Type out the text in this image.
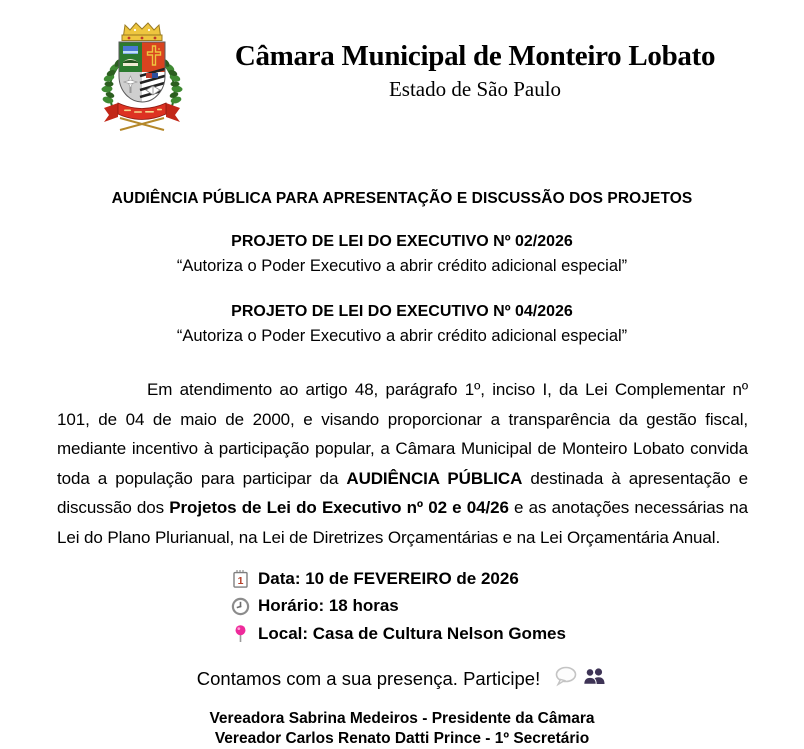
Câmara Municipal de Monteiro Lobato
Estado de São Paulo
AUDIÊNCIA PÚBLICA PARA APRESENTAÇÃO E DISCUSSÃO DOS PROJETOS
PROJETO DE LEI DO EXECUTIVO Nº 02/2026
“Autoriza o Poder Executivo a abrir crédito adicional especial”
PROJETO DE LEI DO EXECUTIVO Nº 04/2026
“Autoriza o Poder Executivo a abrir crédito adicional especial”

Em atendimento ao artigo 48, parágrafo 1º, inciso I, da Lei Complementar nº 101, de 04 de maio de 2000, e visando proporcionar a transparência da gestão fiscal, mediante incentivo à participação popular, a Câmara Municipal de Monteiro Lobato convida toda a população para participar da AUDIÊNCIA PÚBLICA destinada à apresentação e discussão dos Projetos de Lei do Executivo nº 02 e 04/26 e as anotações necessárias na Lei do Plano Plurianual, na Lei de Diretrizes Orçamentárias e na Lei Orçamentária Anual.

1 Data: 10 de FEVEREIRO de 2026
Horário: 18 horas
Local: Casa de Cultura Nelson Gomes
Contamos com a sua presença. Participe!
Vereadora Sabrina Medeiros - Presidente da Câmara
Vereador Carlos Renato Datti Prince - 1º Secretário
